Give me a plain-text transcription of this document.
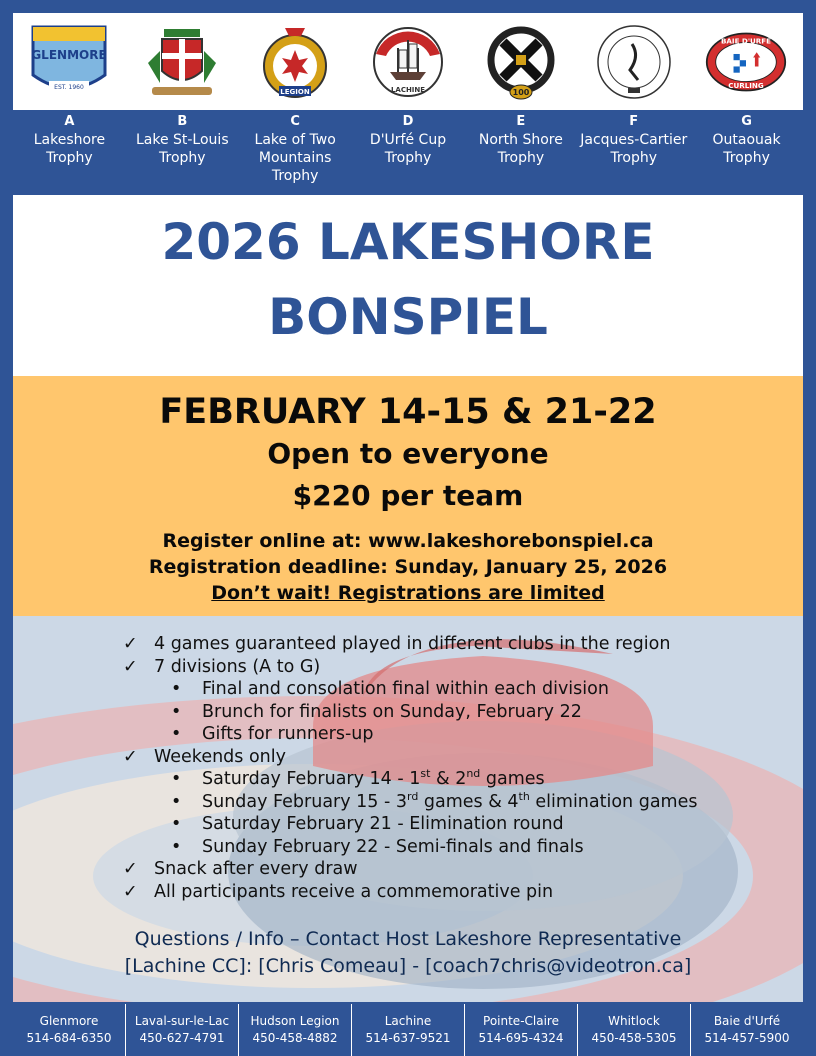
GLENMORE
EST. 1960
LEGION	LACHINE	100
BAIE D'URFÉ
CURLING
A
Lakeshore
Trophy
B
Lake St-Louis
Trophy
C
Lake of Two
Mountains
Trophy
D
D'Urfé Cup
Trophy
E
North Shore
Trophy
F
Jacques-Cartier
Trophy
G
Outaouak
Trophy
2026 LAKESHORE
BONSPIEL
FEBRUARY 14-15 & 21-22
Open to everyone
$220 per team
Register online at: www.lakeshorebonspiel.ca
Registration deadline: Sunday, January 25, 2026
Don’t wait! Registrations are limited
✓ 4 games guaranteed played in different clubs in the region
✓ 7 divisions (A to G)
•	Final and consolation final within each division
•	Brunch for finalists on Sunday, February 22
•	Gifts for runners-up
✓ Weekends only
•	Saturday February 14 - 1st & 2nd games
•	Sunday February 15 - 3rd games & 4th elimination games
•	Saturday February 21 - Elimination round
•	Sunday February 22 - Semi-finals and finals
✓ Snack after every draw
✓ All participants receive a commemorative pin
Questions / Info – Contact Host Lakeshore Representative
[Lachine CC]: [Chris Comeau] - [coach7chris@videotron.ca]
Glenmore
514-684-6350
Laval-sur-le-Lac
450-627-4791
Hudson Legion
450-458-4882
Lachine
514-637-9521
Pointe-Claire
514-695-4324
Whitlock
450-458-5305
Baie d'Urfé
514-457-5900
